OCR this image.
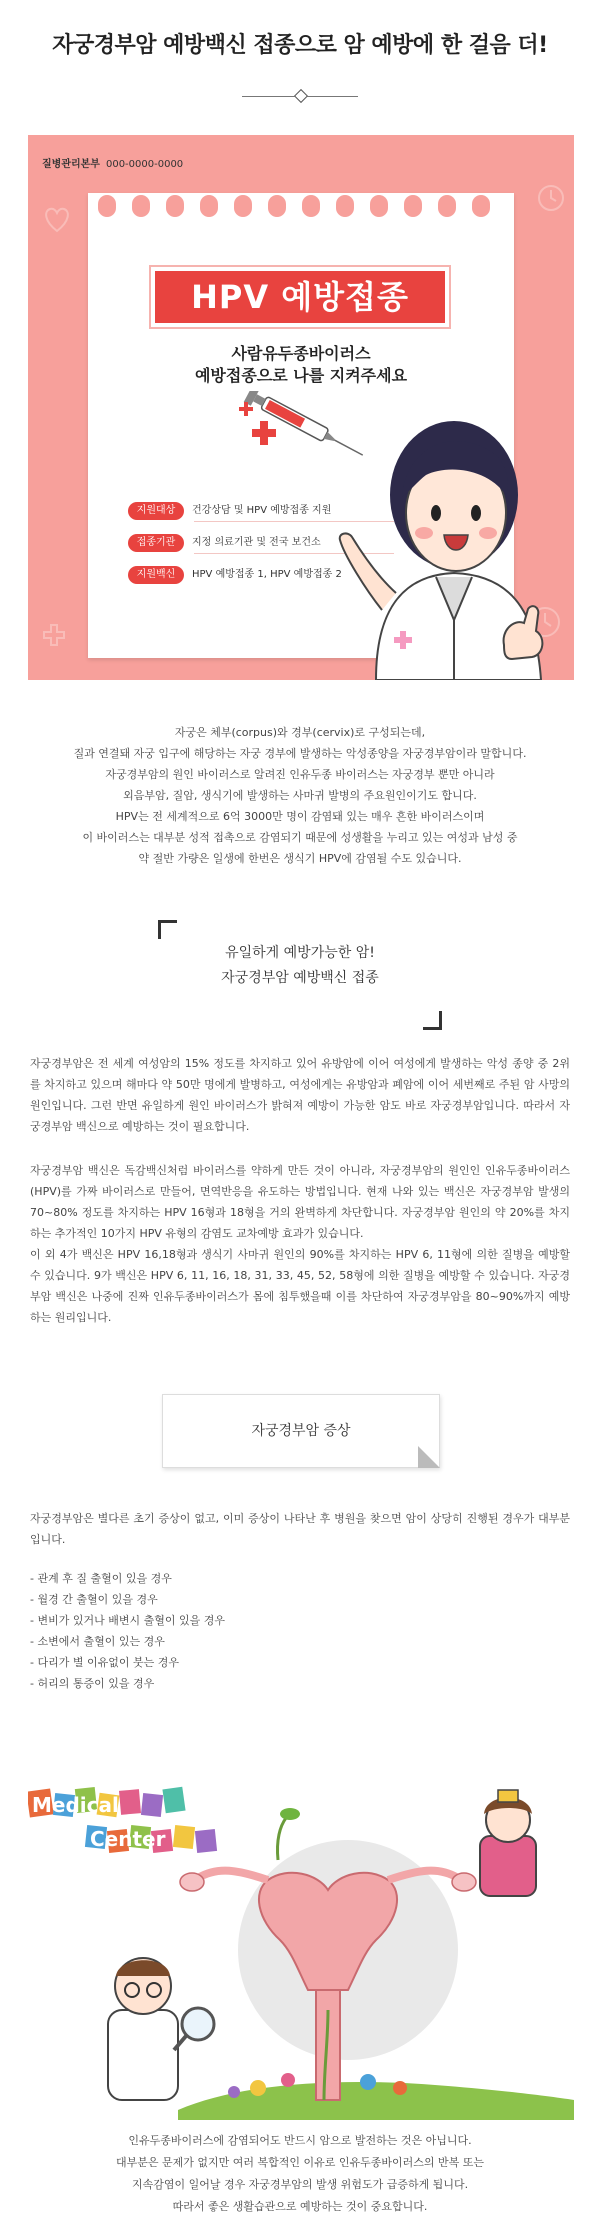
자궁경부암 예방백신 접종으로 암 예방에 한 걸음 더!
질병관리본부 000-0000-0000
HPV 예방접종
사람유두종바이러스
예방접종으로 나를 지켜주세요
지원대상 건강상담 및 HPV 예방접종 지원
접종기관 지정 의료기관 및 전국 보건소
지원백신 HPV 예방접종 1, HPV 예방접종 2
자궁은 체부(corpus)와 경부(cervix)로 구성되는데,
질과 연결돼 자궁 입구에 해당하는 자궁 경부에 발생하는 악성종양을 자궁경부암이라 말합니다.
자궁경부암의 원인 바이러스로 알려진 인유두종 바이러스는 자궁경부 뿐만 아니라
외음부암, 질암, 생식기에 발생하는 사마귀 발병의 주요원인이기도 합니다.
HPV는 전 세계적으로 6억 3000만 명이 감염돼 있는 매우 흔한 바이러스이며
이 바이러스는 대부분 성적 접촉으로 감염되기 때문에 성생활을 누리고 있는 여성과 남성 중
약 절반 가량은 일생에 한번은 생식기 HPV에 감염될 수도 있습니다.
유일하게 예방가능한 암!
자궁경부암 예방백신 접종
자궁경부암은 전 세계 여성암의 15% 정도를 차지하고 있어 유방암에 이어 여성에게 발생하는 악성 종양 중 2위를 차지하고 있으며 해마다 약 50만 명에게 발병하고, 여성에게는 유방암과 폐암에 이어 세번째로 주된 암 사망의 원인입니다. 그런 반면 유일하게 원인 바이러스가 밝혀져 예방이 가능한 암도 바로 자궁경부암입니다. 따라서 자궁경부암 백신으로 예방하는 것이 필요합니다.
자궁경부암 백신은 독감백신처럼 바이러스를 약하게 만든 것이 아니라, 자궁경부암의 원인인 인유두종바이러스(HPV)를 가짜 바이러스로 만들어, 면역반응을 유도하는 방법입니다. 현재 나와 있는 백신은 자궁경부암 발생의 70~80% 정도를 차지하는 HPV 16형과 18형을 거의 완벽하게 차단합니다. 자궁경부암 원인의 약 20%를 차지하는 추가적인 10가지 HPV 유형의 감염도 교차예방 효과가 있습니다.
이 외 4가 백신은 HPV 16,18형과 생식기 사마귀 원인의 90%를 차지하는 HPV 6, 11형에 의한 질병을 예방할 수 있습니다. 9가 백신은 HPV 6, 11, 16, 18, 31, 33, 45, 52, 58형에 의한 질병을 예방할 수 있습니다. 자궁경부암 백신은 나중에 진짜 인유두종바이러스가 몸에 침투했을때 이를 차단하여 자궁경부암을 80~90%까지 예방하는 원리입니다.
자궁경부암 증상
자궁경부암은 별다른 초기 증상이 없고, 이미 증상이 나타난 후 병원을 찾으면 암이 상당히 진행된 경우가 대부분입니다.
- 관계 후 질 출혈이 있을 경우
- 월경 간 출혈이 있을 경우
- 변비가 있거나 배변시 출혈이 있을 경우
- 소변에서 출혈이 있는 경우
- 다리가 별 이유없이 붓는 경우
- 허리의 통증이 있을 경우
Medical
Center
인유두종바이러스에 감염되어도 반드시 암으로 발전하는 것은 아닙니다.
대부분은 문제가 없지만 여러 복합적인 이유로 인유두종바이러스의 반복 또는
지속감염이 일어날 경우 자궁경부암의 발생 위험도가 급증하게 됩니다.
따라서 좋은 생활습관으로 예방하는 것이 중요합니다.
